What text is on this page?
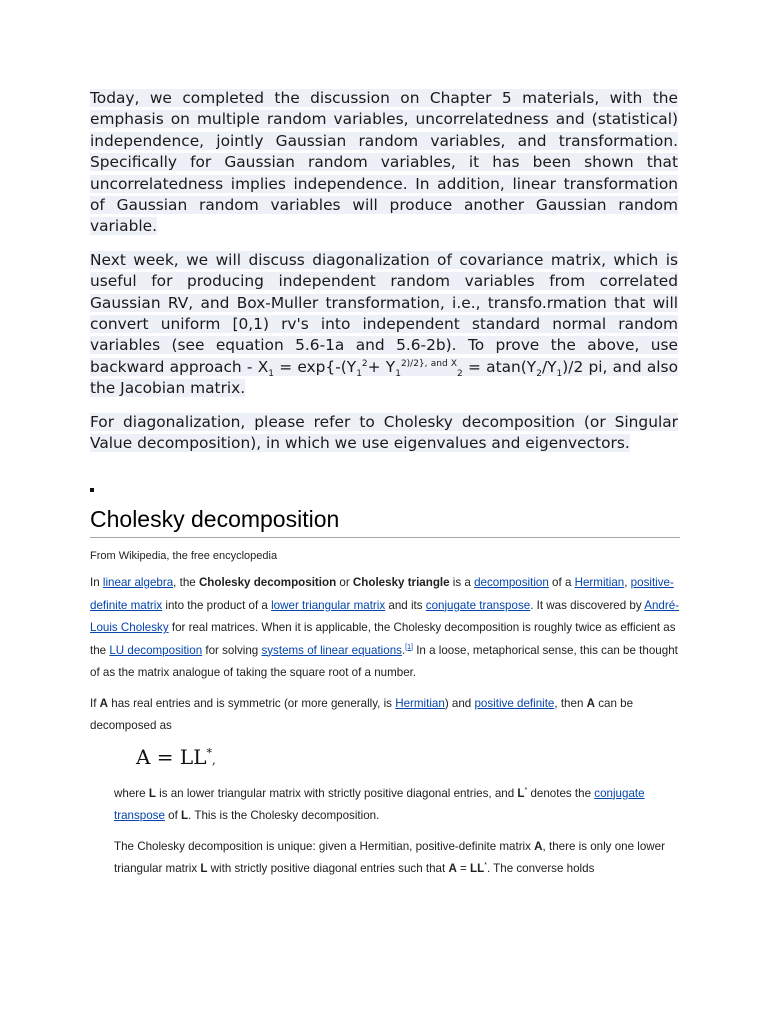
Today, we completed the discussion on Chapter 5 materials, with the emphasis on multiple random variables, uncorrelatedness and (statistical) independence, jointly Gaussian random variables, and transformation. Specifically for Gaussian random variables, it has been shown that uncorrelatedness implies independence. In addition, linear transformation of Gaussian random variables will produce another Gaussian random variable.

Next week, we will discuss diagonalization of covariance matrix, which is useful for producing independent random variables from correlated Gaussian RV, and Box-Muller transformation, i.e., transfo.rmation that will convert uniform [0,1) rv's into independent standard normal random variables (see equation 5.6-1a and 5.6-2b). To prove the above, use backward approach - $X_1 = \exp\{-(Y_1^2+ Y_1^{2)/2\}, and X}_2 = atan(Y_2/Y_1)/2$ pi, and also the Jacobian matrix.

For diagonalization, please refer to Cholesky decomposition (or Singular Value decomposition), in which we use eigenvalues and eigenvectors.

Cholesky decomposition
From Wikipedia, the free encyclopedia

In linear algebra, the Cholesky decomposition or Cholesky triangle is a decomposition of a Hermitian, positive-definite matrix into the product of a lower triangular matrix and its conjugate transpose. It was discovered by André-Louis Cholesky for real matrices. When it is applicable, the Cholesky decomposition is roughly twice as efficient as the LU decomposition for solving systems of linear equations.[1] In a loose, metaphorical sense, this can be thought of as the matrix analogue of taking the square root of a number.

If A has real entries and is symmetric (or more generally, is Hermitian) and positive definite, then A can be decomposed as

A = LL*,

where L is an lower triangular matrix with strictly positive diagonal entries, and L* denotes the conjugate transpose of L. This is the Cholesky decomposition.

The Cholesky decomposition is unique: given a Hermitian, positive-definite matrix A, there is only one lower triangular matrix L with strictly positive diagonal entries such that A = LL*. The converse holds
